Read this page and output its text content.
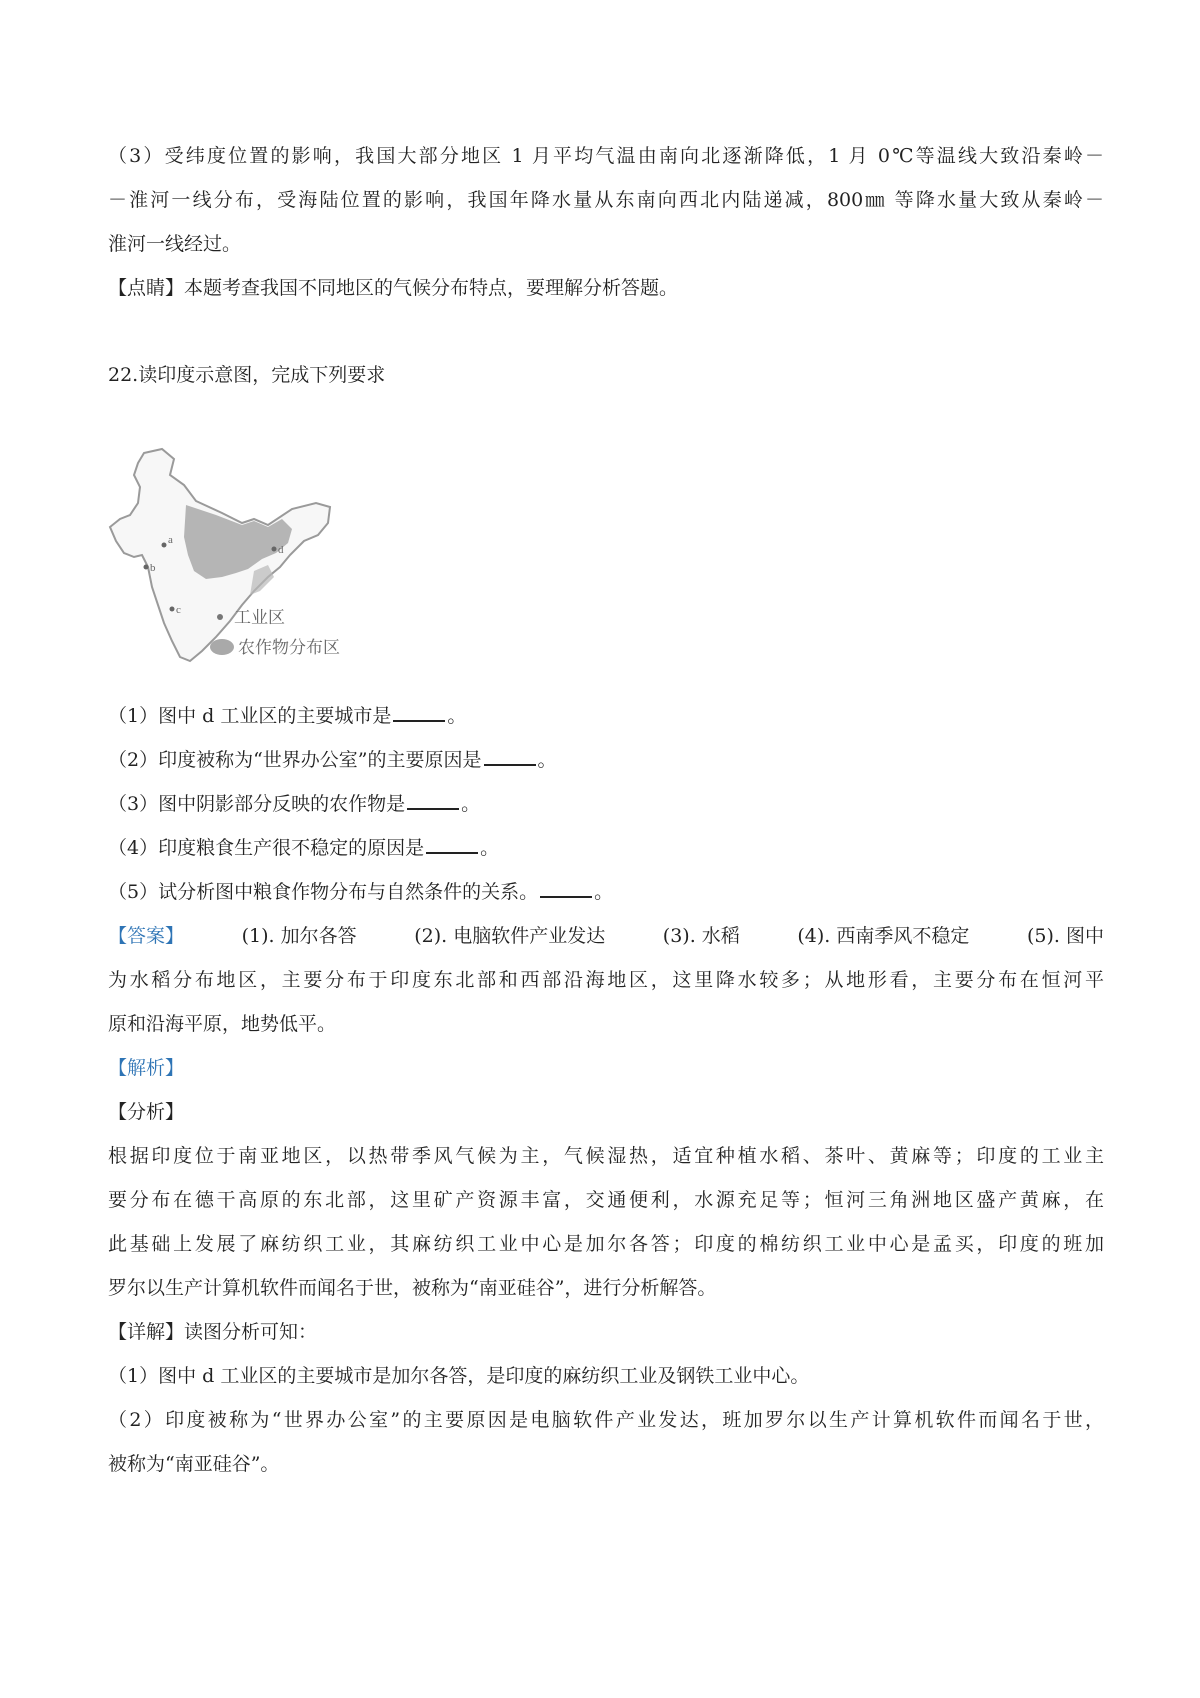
（3）受纬度位置的影响，我国大部分地区 1 月平均气温由南向北逐渐降低，1 月 0℃等温线大致沿秦岭－
－淮河一线分布，受海陆位置的影响，我国年降水量从东南向西北内陆递减，800㎜ 等降水量大致从秦岭－
淮河一线经过。
【点睛】本题考查我国不同地区的气候分布特点，要理解分析答题。
22.读印度示意图，完成下列要求
a
b
c
d
工业区
农作物分布区
（1）图中 d 工业区的主要城市是	。
（2）印度被称为“世界办公室”的主要原因是	。
（3）图中阴影部分反映的农作物是	。
（4）印度粮食生产很不稳定的原因是	。
（5）试分析图中粮食作物分布与自然条件的关系。	。
【答案】	(1). 加尔各答	(2). 电脑软件产业发达	(3). 水稻	(4). 西南季风不稳定	(5). 图中
为水稻分布地区，主要分布于印度东北部和西部沿海地区，这里降水较多；从地形看，主要分布在恒河平
原和沿海平原，地势低平。
【解析】
【分析】
根据印度位于南亚地区，以热带季风气候为主，气候湿热，适宜种植水稻、茶叶、黄麻等；印度的工业主
要分布在德干高原的东北部，这里矿产资源丰富，交通便利，水源充足等；恒河三角洲地区盛产黄麻，在
此基础上发展了麻纺织工业，其麻纺织工业中心是加尔各答；印度的棉纺织工业中心是孟买，印度的班加
罗尔以生产计算机软件而闻名于世，被称为“南亚硅谷”，进行分析解答。
【详解】读图分析可知：
（1）图中 d 工业区的主要城市是加尔各答，是印度的麻纺织工业及钢铁工业中心。
（2）印度被称为“世界办公室”的主要原因是电脑软件产业发达，班加罗尔以生产计算机软件而闻名于世，
被称为“南亚硅谷”。
